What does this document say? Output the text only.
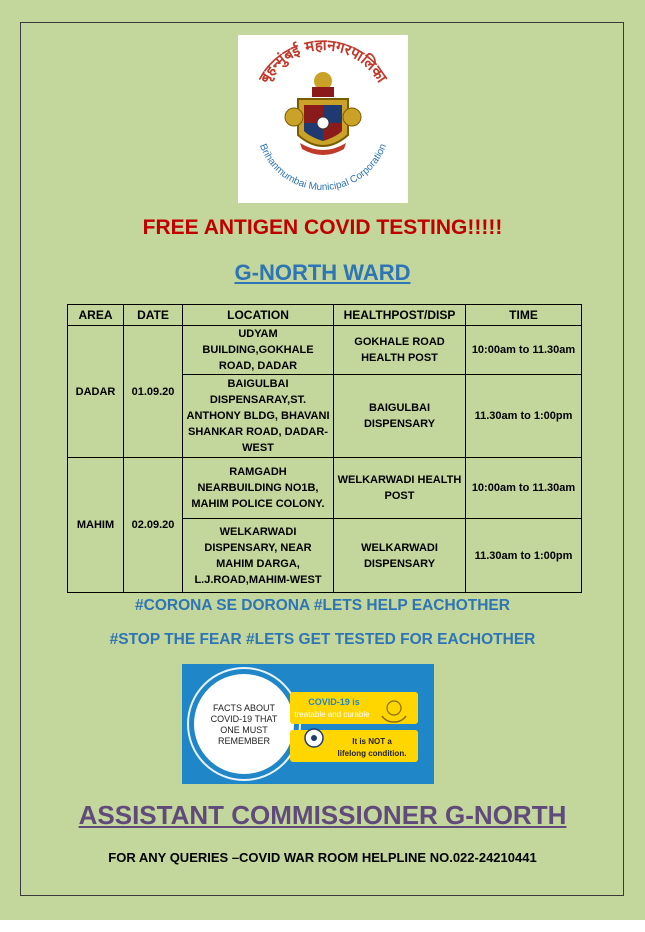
बृहन्मुंबई महानगरपालिका
Brihanmumbai Municipal Corporation
FREE ANTIGEN COVID TESTING!!!!!
G-NORTH WARD
AREA	DATE	LOCATION	HEALTHPOST/DISP	TIME
DADAR	01.09.20	UDYAM BUILDING,GOKHALE ROAD, DADAR	GOKHALE ROAD HEALTH POST	10:00am to 11.30am
		BAIGULBAI DISPENSARAY,ST. ANTHONY BLDG, BHAVANI SHANKAR ROAD, DADAR-WEST	BAIGULBAI DISPENSARY	11.30am to 1:00pm
MAHIM	02.09.20	RAMGADH NEARBUILDING NO1B, MAHIM POLICE COLONY.	WELKARWADI HEALTH POST	10:00am to 11.30am
		WELKARWADI DISPENSARY, NEAR MAHIM DARGA, L.J.ROAD,MAHIM-WEST	WELKARWADI DISPENSARY	11.30am to 1:00pm
#CORONA SE DORONA #LETS HELP EACHOTHER
#STOP THE FEAR #LETS GET TESTED FOR EACHOTHER
FACTS ABOUT
COVID-19 THAT
ONE MUST
REMEMBER
COVID-19 is
treatable and curable
It is NOT a
lifelong condition.
ASSISTANT COMMISSIONER G-NORTH
FOR ANY QUERIES –COVID WAR ROOM HELPLINE NO.022-24210441
